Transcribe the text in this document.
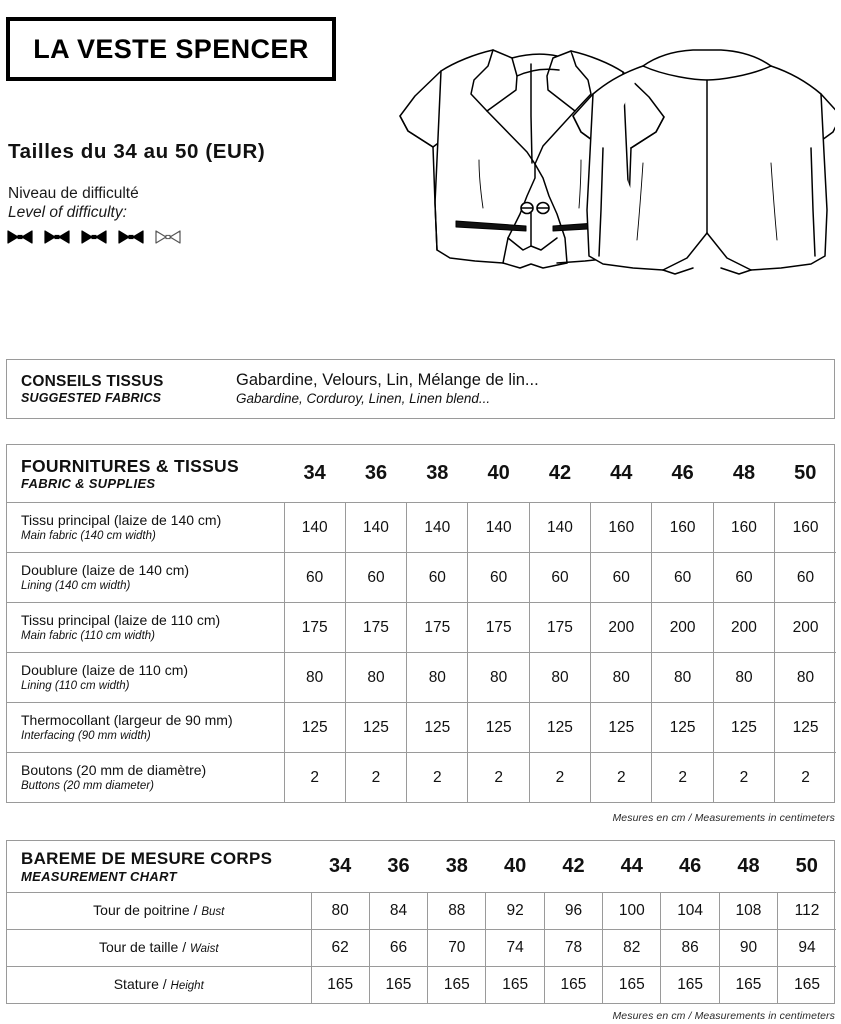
LA VESTE SPENCER
Tailles du 34 au 50 (EUR)
Niveau de difficulté
Level of difficulty:
CONSEILS TISSUS
SUGGESTED FABRICS
Gabardine, Velours, Lin, Mélange de lin...
Gabardine, Corduroy, Linen, Linen blend...
FOURNITURES & TISSUS
FABRIC & SUPPLIES	34	36	38	40	42	44	46	48	50

Tissu principal (laize de 140 cm)
Main fabric (140 cm width)	140	140	140	140	140	160	160	160	160

Doublure (laize de 140 cm)
Lining (140 cm width)	60	60	60	60	60	60	60	60	60

Tissu principal (laize de 110 cm)
Main fabric (110 cm width)	175	175	175	175	175	200	200	200	200

Doublure (laize de 110 cm)
Lining (110 cm width)	80	80	80	80	80	80	80	80	80

Thermocollant (largeur de 90 mm)
Interfacing (90 mm width)	125	125	125	125	125	125	125	125	125

Boutons (20 mm de diamètre)
Buttons (20 mm diameter)	2	2	2	2	2	2	2	2	2
Mesures en cm / Measurements in centimeters
BAREME DE MESURE CORPS
MEASUREMENT CHART	34	36	38	40	42	44	46	48	50
Tour de poitrine / Bust	80	84	88	92	96	100	104	108	112
Tour de taille / Waist	62	66	70	74	78	82	86	90	94
Stature / Height	165	165	165	165	165	165	165	165	165
Mesures en cm / Measurements in centimeters
